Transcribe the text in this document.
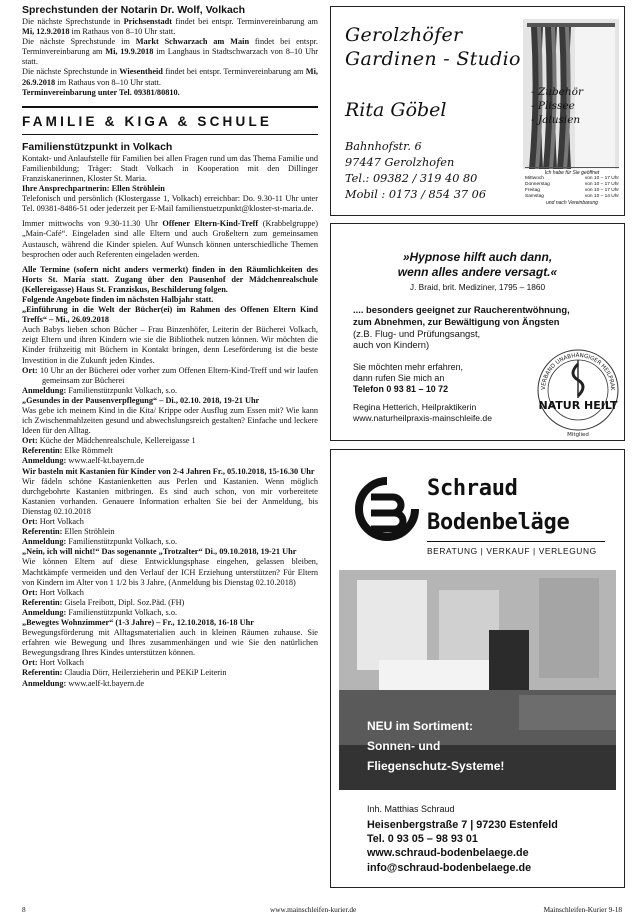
Sprechstunden der Notarin Dr. Wolf, Volkach

Die nächste Sprechstunde in Prichsenstadt findet bei entspr. Terminvereinbarung am Mi, 12.9.2018 im Rathaus von 8–10 Uhr statt.

Die nächste Sprechstunde im Markt Schwarzach am Main findet bei entspr. Terminvereinbarung am Mi, 19.9.2018 im Langhaus in Stadtschwarzach von 8–10 Uhr statt.

Die nächste Sprechstunde in Wiesentheid findet bei entspr. Terminvereinbarung am Mi, 26.9.2018 im Rathaus von 8–10 Uhr statt.

Terminvereinbarung unter Tel. 09381/80810.

FAMILIE & KIGA & SCHULE
Familienstützpunkt in Volkach

Kontakt- und Anlaufstelle für Familien bei allen Fragen rund um das Thema Familie und Familienbildung; Träger: Stadt Volkach in Kooperation mit den Dillinger Franziskanerinnen, Kloster St. Maria.

Ihre Ansprechpartnerin: Ellen Ströhlein

Telefonisch und persönlich (Klostergasse 1, Volkach) erreichbar: Do. 9.30-11 Uhr unter Tel. 09381-8486-51 oder jederzeit per E-Mail familienstuetzpunkt@kloster-st-maria.de.

Immer mittwochs von 9.30-11.30 Uhr Offener Eltern-Kind-Treff (Krabbelgruppe) „Main-Café“. Eingeladen sind alle Eltern und auch Großeltern zum gemeinsamen Austausch, während die Kinder spielen. Auf Wunsch können unterschiedliche Themen besprochen oder auch Referenten eingeladen werden.

Alle Termine (sofern nicht anders vermerkt) finden in den Räumlichkeiten des Horts St. Maria statt. Zugang über den Pausenhof der Mädchenrealschule (Kellereigasse) Haus St. Franziskus, Beschilderung folgen.

Folgende Angebote finden im nächsten Halbjahr statt.

„Einführung in die Welt der Bücher(ei) im Rahmen des Offenen Eltern Kind Treffs“ – Mi., 26.09.2018

Auch Babys lieben schon Bücher – Frau Binzenhöfer, Leiterin der Bücherei Volkach, zeigt Eltern und ihren Kindern wie sie die Bibliothek nutzen können. Wir möchten die Kinder frühzeitig mit Büchern in Kontakt bringen, denn Leseförderung ist die beste Investition in die Zukunft jeden Kindes.

Ort: 10 Uhr an der Bücherei oder vorher zum Offenen Eltern-Kind-Treff und wir laufen gemeinsam zur Bücherei

Anmeldung: Familienstützpunkt Volkach, s.o.

„Gesundes in der Pausenverpflegung“ – Di., 02.10. 2018, 19-21 Uhr

Was gebe ich meinem Kind in die Kita/ Krippe oder Ausflug zum Essen mit? Wie kann ich Zwischenmahlzeiten gesund und abwechslungsreich gestalten? Einfache und leckere Ideen für den Alltag.

Ort: Küche der Mädchenrealschule, Kellereigasse 1

Referentin: Elke Römmelt

Anmeldung: www.aelf-kt.bayern.de

Wir basteln mit Kastanien für Kinder von 2-4 Jahren Fr., 05.10.2018, 15-16.30 Uhr

Wir fädeln schöne Kastanienketten aus Perlen und Kastanien. Wenn möglich durchgebohrte Kastanien mitbringen. Es sind auch schon, von mir vorbereitete Kastanien vorhanden. Genauere Information erhalten Sie bei der Anmeldung, bis Dienstag 02.10.2018

Ort: Hort Volkach

Referentin: Ellen Ströhlein

Anmeldung: Familienstützpunkt Volkach, s.o.

„Nein, ich will nicht!“ Das sogenannte „Trotzalter“ Di., 09.10.2018, 19-21 Uhr

Wie können Eltern auf diese Entwicklungsphase eingehen, gelassen bleiben, Machtkämpfe vermeiden und den Verlauf der ICH Erziehung unterstützen? Für Eltern von Kindern im Alter von 1 1/2 bis 3 Jahre, (Anmeldung bis Dienstag 02.10.2018)

Ort: Hort Volkach

Referentin: Gisela Freibott, Dipl. Soz.Päd. (FH)

Anmeldung: Familienstützpunkt Volkach, s.o.

„Bewegtes Wohnzimmer“ (1-3 Jahre) – Fr., 12.10.2018, 16-18 Uhr

Bewegungsförderung mit Alltagsmaterialien auch in kleinen Räumen zuhause. Sie erfahren wie Bewegung und Ihres zusammenhängen und wie Sie den natürlichen Bewegungsdrang Ihres Kindes unterstützen können.

Ort: Hort Volkach

Referentin: Claudia Dörr, Heilerzieherin und PEKiP Leiterin

Anmeldung: www.aelf-kt.bayern.de

Gerolzhöfer
Gardinen - Studio
Rita Göbel
Bahnhofstr. 6
97447 Gerolzhofen
Tel.: 09382 / 319 40 80
Mobil : 0173 / 854 37 06
- Zubehör
- Plissee
- Jalusien
Ich habe für Sie geöffnet
Mittwoch	von 10 – 17 Uhr
Donnerstag	von 10 – 17 Uhr
Freitag	von 10 – 17 Uhr
Samstag	von 10 – 14 Uhr
und nach Vereinbarung
»Hypnose hilft auch dann,
wenn alles andere versagt.«
J. Braid, brit. Mediziner, 1795 – 1860
.... besonders geeignet zur Raucherentwöhnung,
zum Abnehmen, zur Bewältigung von Ängsten
(z.B. Flug- und Prüfungsangst,
auch von Kindern)
Sie möchten mehr erfahren,
dann rufen Sie mich an
Telefon 0 93 81 – 10 72
Regina Hetterich, Heilpraktikerin
www.naturheilpraxis-mainschleife.de
VERBAND UNABHÄNGIGER HEILPRAK
NATUR HEILT
Mitglied
Schraud
Bodenbeläge
BERATUNG | VERKAUF | VERLEGUNG
NEU im Sortiment:
Sonnen- und
Fliegenschutz-Systeme!
Inh. Matthias Schraud
Heisenbergstraße 7 | 97230 Estenfeld
Tel. 0 93 05 – 98 93 01
www.schraud-bodenbelaege.de
info@schraud-bodenbelaege.de
8	www.mainschleifen-kurier.de	Mainschleifen-Kurier 9-18
